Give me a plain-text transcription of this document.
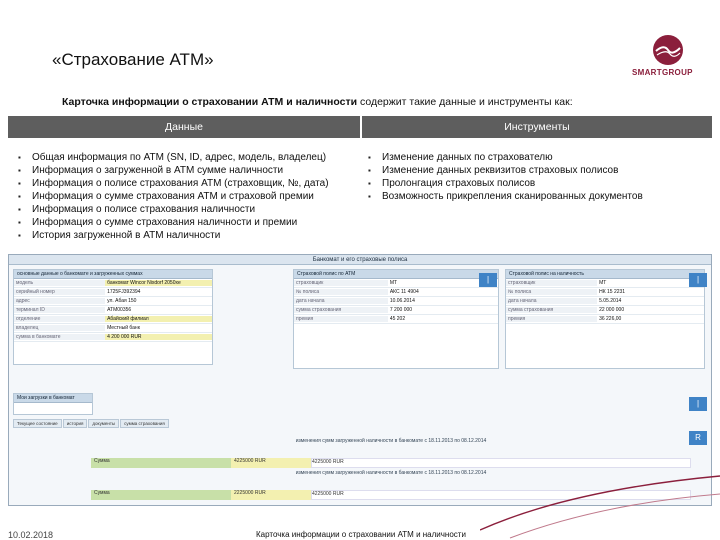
«Страхование АТМ»
SMARTGROUP
Карточка информации о страховании АТМ и наличности содержит такие данные и инструменты как:
Данные	Инструменты
▪ Общая информация по АТМ (SN, ID, адрес, модель, владелец)
▪ Информация о загруженной в АТМ сумме наличности
▪ Информация о полисе страхования АТМ (страховщик, №, дата)
▪ Информация о сумме страхования АТМ и страховой премии
▪ Информация о полисе страхования наличности
▪ Информация о сумме страхования наличности и премии
▪ История загруженной в АТМ наличности
▪ Изменение данных по страхователю
▪ Изменение данных реквизитов страховых полисов
▪ Пролонгация страховых полисов
▪ Возможность прикрепления сканированных документов
Банкомат и его страховые полиса
основные данные о банкомате и загруженных суммах
модель	банкомат Wincor Nixdorf 2050xe
серийный номер	1725FJ392394
адрес	ул. Абая 150
терминал ID	ATM00356
отделение	Абайский филиал
владелец	Местный банк
сумма в банкомате	4 200 000 RUR
Страховой полис по АТМ
страховщик	МТ
№ полиса	АКС 11 4904
дата начала	10.06.2014
сумма страхования	7 200 000
премия	45 202
|
Страховой полис на наличность
страховщик	МТ
№ полиса	НК 15 2231
дата начала	5.05.2014
сумма страхования	22 000 000
премия	36 226,00
|
Мои загрузки в банкомат
|
Текущее состояние	история	документы	сумма страхования
изменения сумм загруженной наличности в банкомате с 18.11.2013 по 08.12.2014
Сумма	4225000 RUR	4225000 RUR
изменения сумм загруженной наличности в банкомате с 18.11.2013 по 08.12.2014
Сумма	2225000 RUR	4225000 RUR
R
10.02.2018	Карточка информации о страховании АТМ и наличности
